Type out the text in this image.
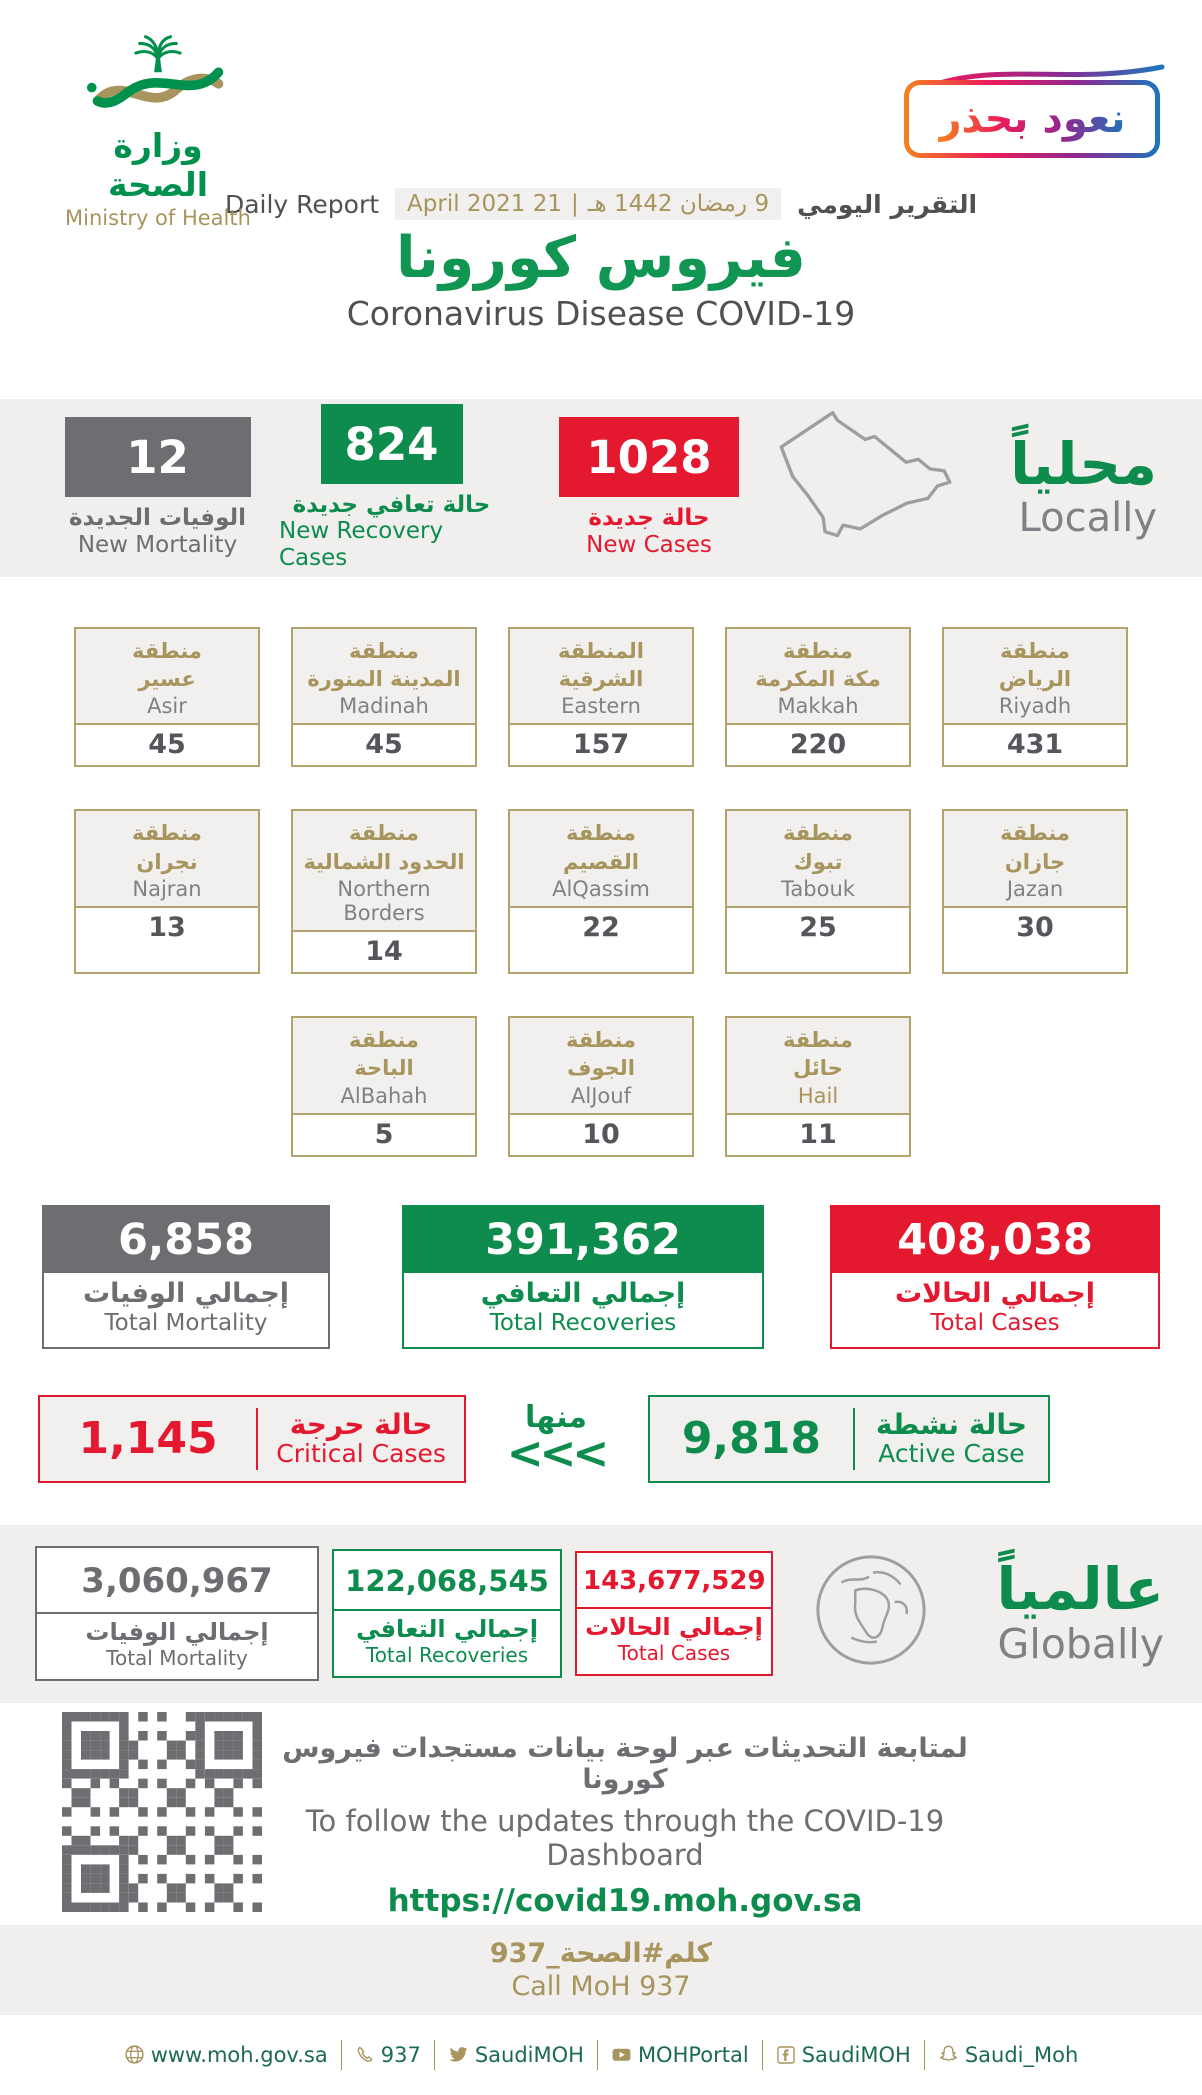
وزارة الصحة
Ministry of Health
نعود بحذر
Daily Report	9 رمضان 1442 هـ
|
21 April 2021	التقرير اليومي
فيروس كورونا
Coronavirus Disease COVID-19
12
الوفيات الجديدة
New Mortality
824
حالة تعافي جديدة
New Recovery Cases
1028
حالة جديدة
New Cases
محلياً
Locally
منطقة
عسير
Asir
45
منطقة
المدينة المنورة
Madinah
45
المنطقة
الشرقية
Eastern
157
منطقة
مكة المكرمة
Makkah
220
منطقة
الرياض
Riyadh
431
منطقة
نجران
Najran
13
منطقة
الحدود الشمالية
Northern Borders
14
منطقة
القصيم
AlQassim
22
منطقة
تبوك
Tabouk
25
منطقة
جازان
Jazan
30
منطقة
الباحة
AlBahah
5
منطقة
الجوف
AlJouf
10
منطقة
حائل
Hail
11
6,858
إجمالي الوفيات
Total Mortality
391,362
إجمالي التعافي
Total Recoveries
408,038
إجمالي الحالات
Total Cases
1,145	حالة حرجة
Critical Cases
منها
<<<	9,818	حالة نشطة
Active Case
3,060,967
إجمالي الوفيات
Total Mortality
122,068,545
إجمالي التعافي
Total Recoveries
143,677,529
إجمالي الحالات
Total Cases
عالمياً
Globally
لمتابعة التحديثات عبر لوحة بيانات مستجدات فيروس كورونا
To follow the updates through the COVID-19 Dashboard
https://covid19.moh.gov.sa
كلم#الصحة_937
Call MoH 937
www.moh.gov.sa	937	SaudiMOH	MOHPortal	SaudiMOH	Saudi_Moh
